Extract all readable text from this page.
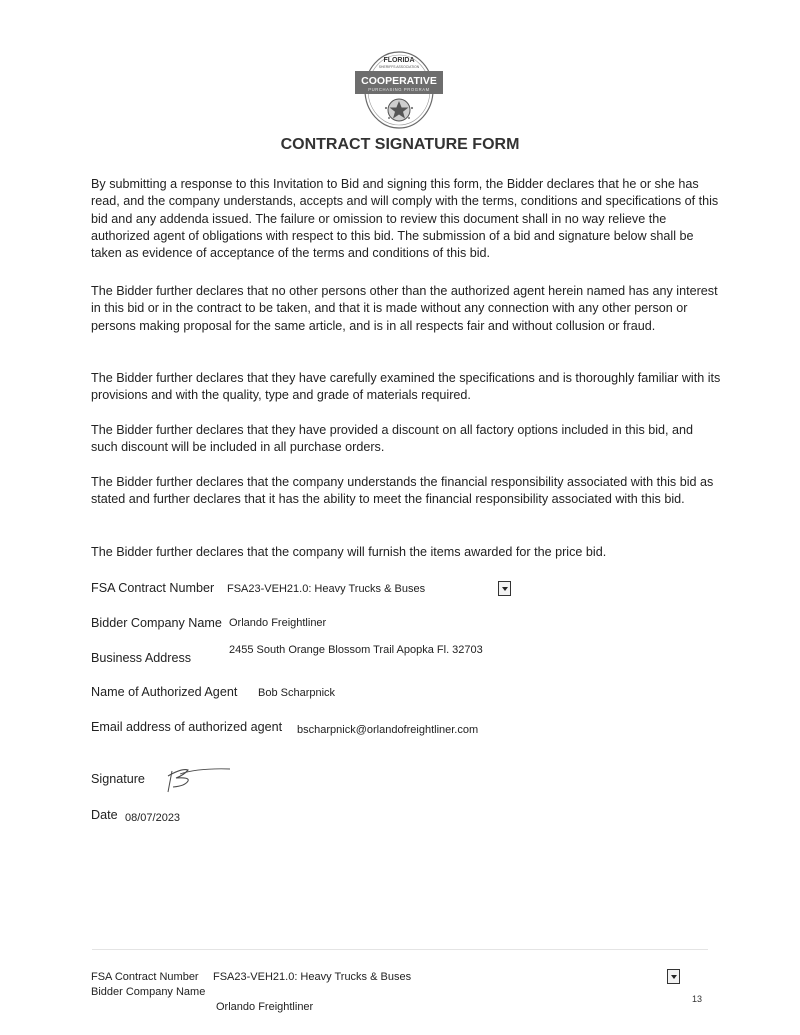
FLORIDA
SHERIFFS ASSOCIATION
COOPERATIVE
PURCHASING PROGRAM
CONTRACT SIGNATURE FORM

By submitting a response to this Invitation to Bid and signing this form, the Bidder declares that he or she has read, and the company understands, accepts and will comply with the terms, conditions and specifications of this bid and any addenda issued. The failure or omission to review this document shall in no way relieve the authorized agent of obligations with respect to this bid. The submission of a bid and signature below shall be taken as evidence of acceptance of the terms and conditions of this bid.

The Bidder further declares that no other persons other than the authorized agent herein named has any interest in this bid or in the contract to be taken, and that it is made without any connection with any other person or persons making proposal for the same article, and is in all respects fair and without collusion or fraud.

The Bidder further declares that they have carefully examined the specifications and is thoroughly familiar with its provisions and with the quality, type and grade of materials required.

The Bidder further declares that they have provided a discount on all factory options included in this bid, and such discount will be included in all purchase orders.

The Bidder further declares that the company understands the financial responsibility associated with this bid as stated and further declares that it has the ability to meet the financial responsibility associated with this bid.

The Bidder further declares that the company will furnish the items awarded for the price bid.

FSA Contract Number FSA23-VEH21.0: Heavy Trucks & Buses
Bidder Company Name Orlando Freightliner
Business Address
2455 South Orange Blossom Trail Apopka Fl. 32703
Name of Authorized Agent Bob Scharpnick
Email address of authorized agent bscharpnick@orlandofreightliner.com
Signature
Date 08/07/2023
FSA Contract Number FSA23-VEH21.0: Heavy Trucks & Buses
Bidder Company Name
Orlando Freightliner
13
